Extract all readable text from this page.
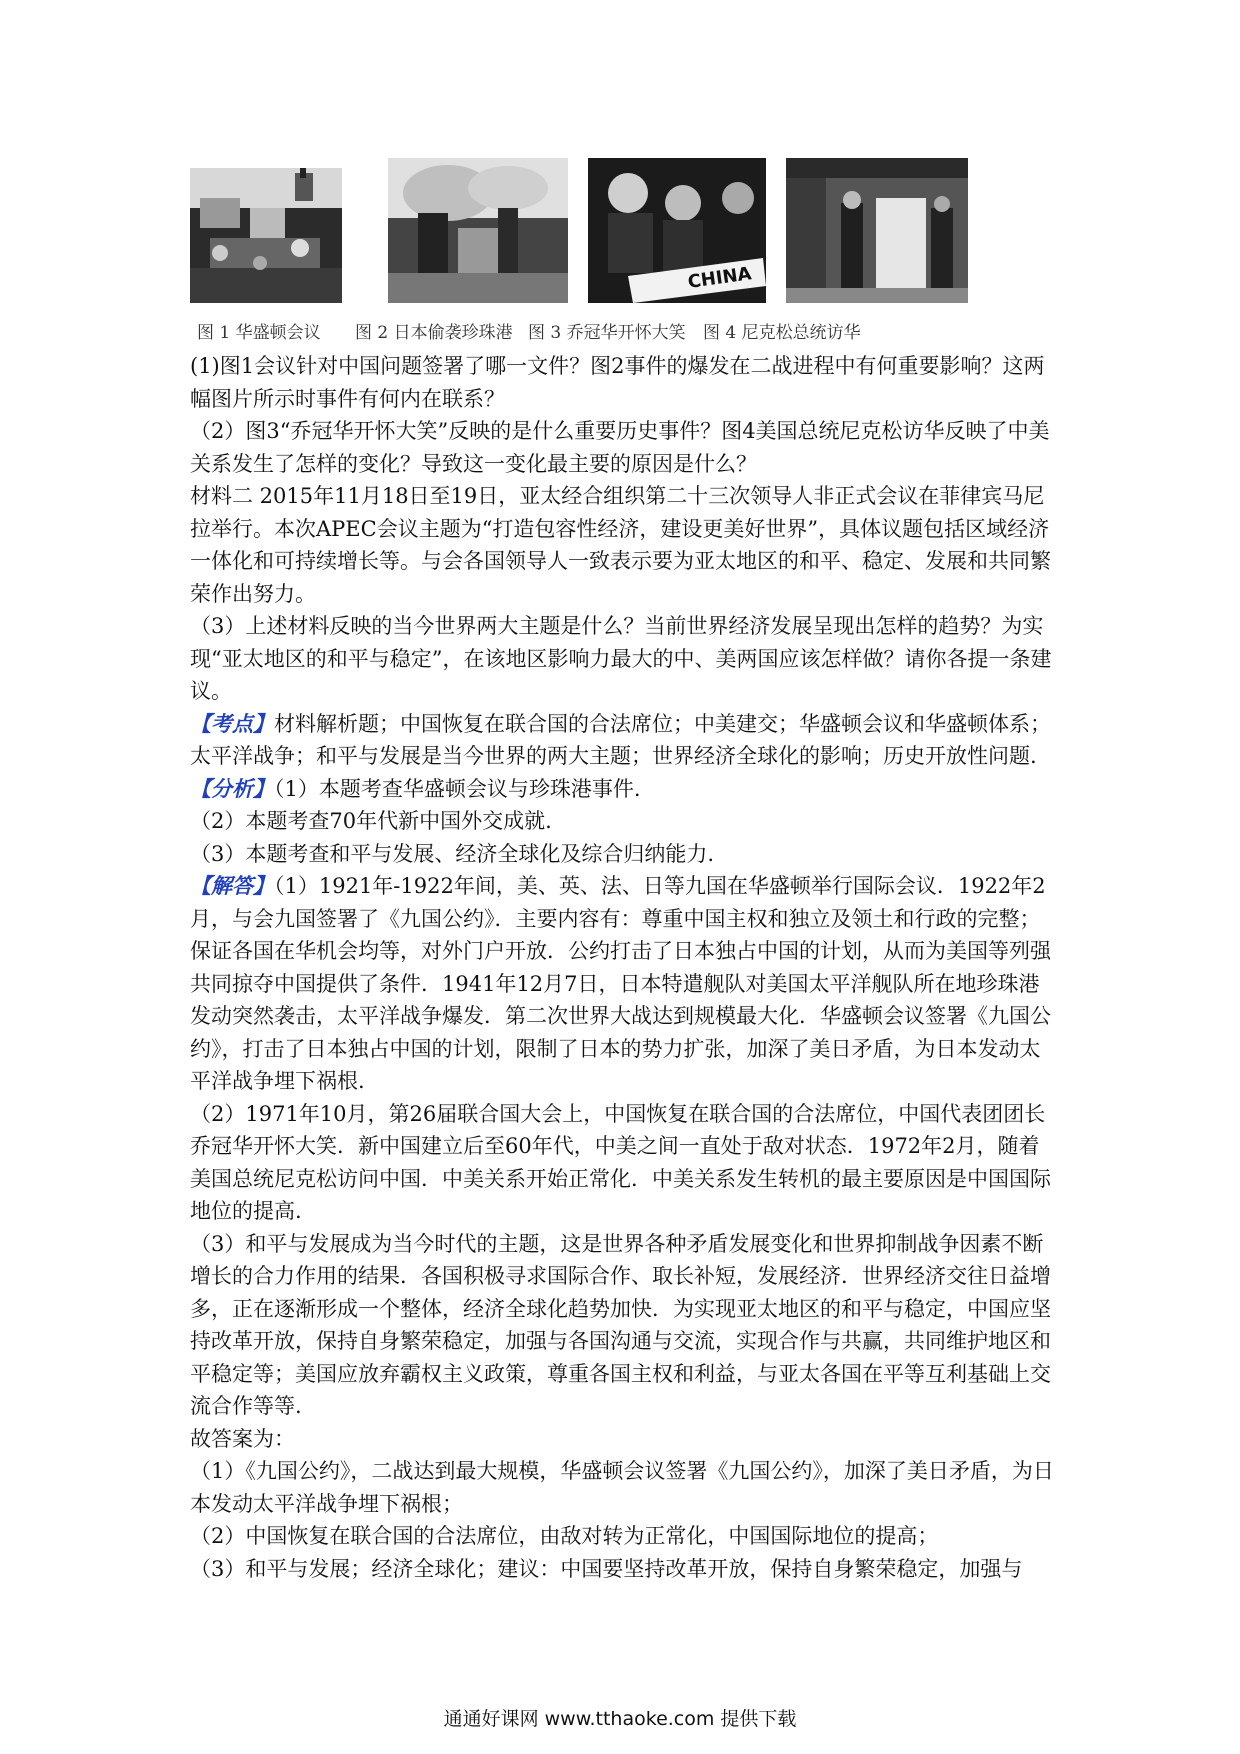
CHINA
图 1 华盛顿会议 图 2 日本偷袭珍珠港 图 3 乔冠华开怀大笑 图 4 尼克松总统访华

(1)图1会议针对中国问题签署了哪一文件？图2事件的爆发在二战进程中有何重要影响？这两幅图片所示时事件有何内在联系？

（2）图3“乔冠华开怀大笑”反映的是什么重要历史事件？图4美国总统尼克松访华反映了中美关系发生了怎样的变化？导致这一变化最主要的原因是什么？

材料二 2015年11月18日至19日，亚太经合组织第二十三次领导人非正式会议在菲律宾马尼拉举行。本次APEC会议主题为“打造包容性经济，建设更美好世界”，具体议题包括区域经济一体化和可持续增长等。与会各国领导人一致表示要为亚太地区的和平、稳定、发展和共同繁荣作出努力。

（3）上述材料反映的当今世界两大主题是什么？当前世界经济发展呈现出怎样的趋势？为实现“亚太地区的和平与稳定”，在该地区影响力最大的中、美两国应该怎样做？请你各提一条建议。

【考点】材料解析题；中国恢复在联合国的合法席位；中美建交；华盛顿会议和华盛顿体系；太平洋战争；和平与发展是当今世界的两大主题；世界经济全球化的影响；历史开放性问题.

【分析】（1）本题考查华盛顿会议与珍珠港事件.

（2）本题考查70年代新中国外交成就.

（3）本题考查和平与发展、经济全球化及综合归纳能力.

【解答】（1）1921年-1922年间，美、英、法、日等九国在华盛顿举行国际会议．1922年2月，与会九国签署了《九国公约》．主要内容有：尊重中国主权和独立及领土和行政的完整；保证各国在华机会均等，对外门户开放．公约打击了日本独占中国的计划，从而为美国等列强共同掠夺中国提供了条件．1941年12月7日，日本特遣舰队对美国太平洋舰队所在地珍珠港发动突然袭击，太平洋战争爆发．第二次世界大战达到规模最大化．华盛顿会议签署《九国公约》，打击了日本独占中国的计划，限制了日本的势力扩张，加深了美日矛盾，为日本发动太平洋战争埋下祸根.

（2）1971年10月，第26届联合国大会上，中国恢复在联合国的合法席位，中国代表团团长乔冠华开怀大笑．新中国建立后至60年代，中美之间一直处于敌对状态．1972年2月，随着美国总统尼克松访问中国．中美关系开始正常化．中美关系发生转机的最主要原因是中国国际地位的提高.

（3）和平与发展成为当今时代的主题，这是世界各种矛盾发展变化和世界抑制战争因素不断增长的合力作用的结果．各国积极寻求国际合作、取长补短，发展经济．世界经济交往日益增多，正在逐渐形成一个整体，经济全球化趋势加快．为实现亚太地区的和平与稳定，中国应坚持改革开放，保持自身繁荣稳定，加强与各国沟通与交流，实现合作与共赢，共同维护地区和平稳定等；美国应放弃霸权主义政策，尊重各国主权和利益，与亚太各国在平等互利基础上交流合作等等.

故答案为：

（1）《九国公约》，二战达到最大规模，华盛顿会议签署《九国公约》，加深了美日矛盾，为日本发动太平洋战争埋下祸根；

（2）中国恢复在联合国的合法席位，由敌对转为正常化，中国国际地位的提高；

（3）和平与发展；经济全球化；建议：中国要坚持改革开放，保持自身繁荣稳定，加强与

通通好课网 www.tthaoke.com 提供下载
